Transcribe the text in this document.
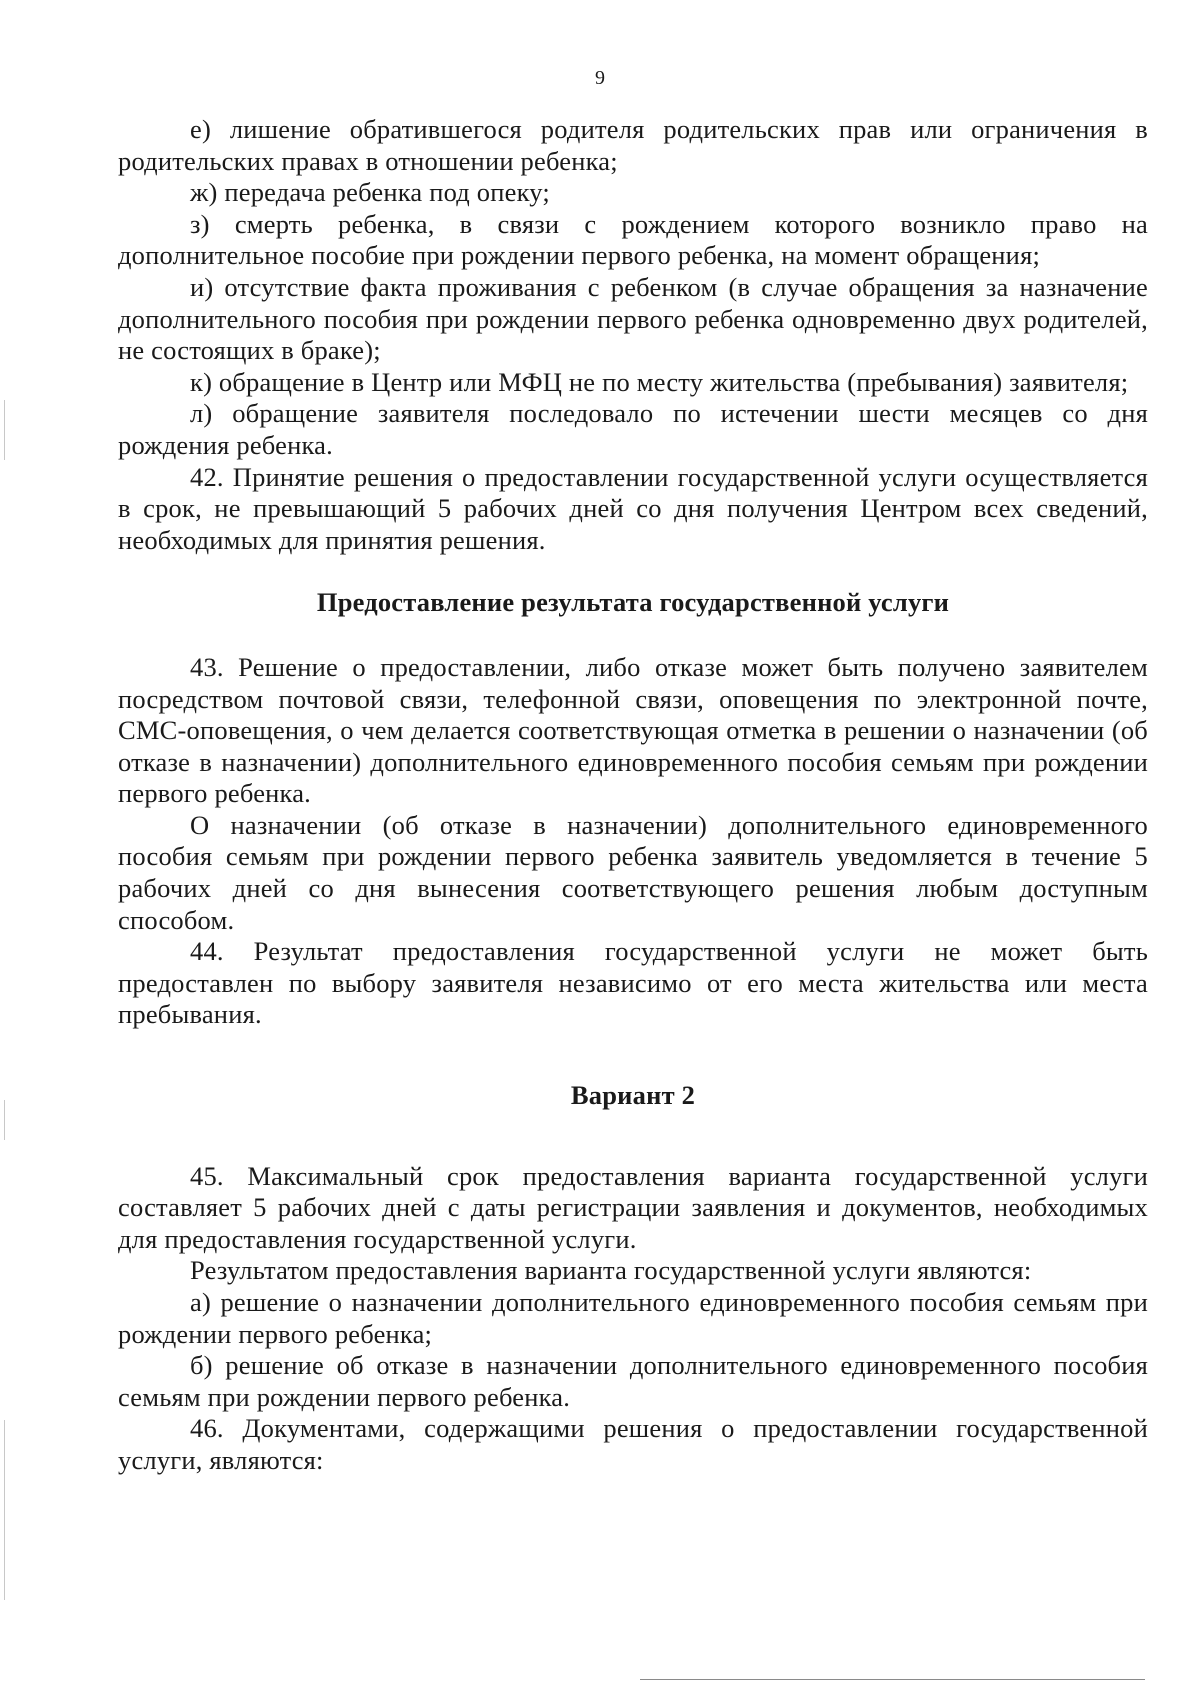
9

е) лишение обратившегося родителя родительских прав или ограничения в родительских правах в отношении ребенка;

ж) передача ребенка под опеку;

з) смерть ребенка, в связи с рождением которого возникло право на дополнительное пособие при рождении первого ребенка, на момент обращения;

и) отсутствие факта проживания с ребенком (в случае обращения за назначение дополнительного пособия при рождении первого ребенка одновременно двух родителей, не состоящих в браке);

к) обращение в Центр или МФЦ не по месту жительства (пребывания) заявителя;

л) обращение заявителя последовало по истечении шести месяцев со дня рождения ребенка.

42. Принятие решения о предоставлении государственной услуги осуществляется в срок, не превышающий 5 рабочих дней со дня получения Центром всех сведений, необходимых для принятия решения.

Предоставление результата государственной услуги

43. Решение о предоставлении, либо отказе может быть получено заявителем посредством почтовой связи, телефонной связи, оповещения по электронной почте, СМС-оповещения, о чем делается соответствующая отметка в решении о назначении (об отказе в назначении) дополнительного единовременного пособия семьям при рождении первого ребенка.

О назначении (об отказе в назначении) дополнительного единовременного пособия семьям при рождении первого ребенка заявитель уведомляется в течение 5 рабочих дней со дня вынесения соответствующего решения любым доступным способом.

44. Результат предоставления государственной услуги не может быть предоставлен по выбору заявителя независимо от его места жительства или места пребывания.

Вариант 2

45. Максимальный срок предоставления варианта государственной услуги составляет 5 рабочих дней с даты регистрации заявления и документов, необходимых для предоставления государственной услуги.

Результатом предоставления варианта государственной услуги являются:

а) решение о назначении дополнительного единовременного пособия семьям при рождении первого ребенка;

б) решение об отказе в назначении дополнительного единовременного пособия семьям при рождении первого ребенка.

46. Документами, содержащими решения о предоставлении государственной услуги, являются:
